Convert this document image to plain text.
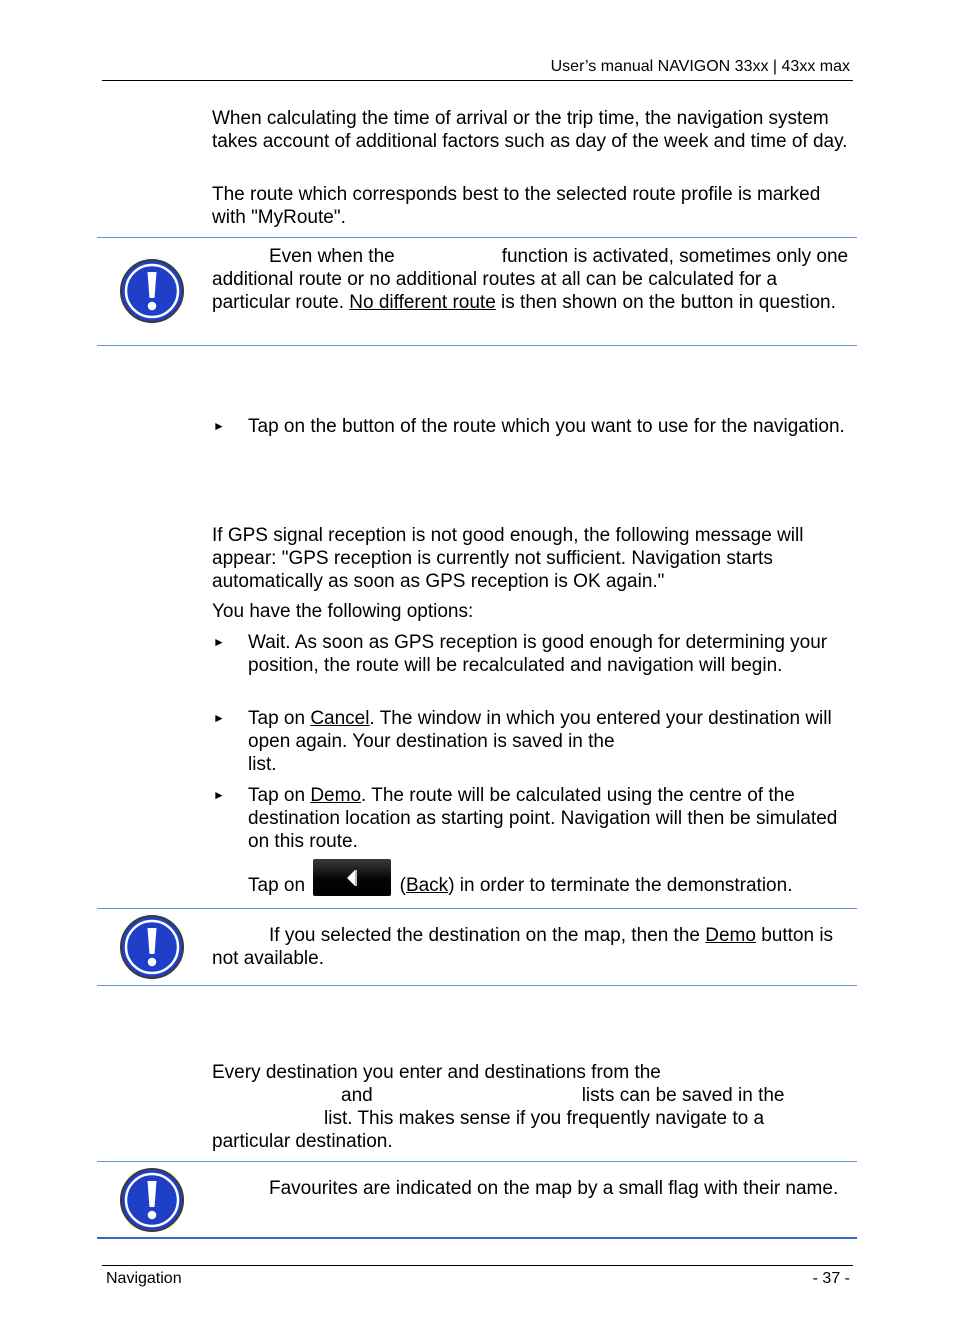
User’s manual NAVIGON 33xx | 43xx max

When calculating the time of arrival or the trip time, the navigation system takes account of additional factors such as day of the week and time of day.

The route which corresponds best to the selected route profile is marked with "MyRoute".

Even when the	function is activated, sometimes only one additional route or no additional routes at all can be calculated for a particular route. No different route is then shown on the button in question.

► Tap on the button of the route which you want to use for the navigation.

If GPS signal reception is not good enough, the following message will appear: "GPS reception is currently not sufficient. Navigation starts automatically as soon as GPS reception is OK again."

You have the following options:

► Wait. As soon as GPS reception is good enough for determining your position, the route will be recalculated and navigation will begin.
► Tap on Cancel. The window in which you entered your destination will open again. Your destination is saved in the
list.
► Tap on Demo. The route will be calculated using the centre of the destination location as starting point. Navigation will then be simulated on this route.
Tap on	(Back) in order to terminate the demonstration.

If you selected the destination on the map, then the Demo button is not available.

Every destination you enter and destinations from the
and	lists can be saved in the
list. This makes sense if you frequently navigate to a
particular destination.

Favourites are indicated on the map by a small flag with their name.

Navigation	- 37 -
